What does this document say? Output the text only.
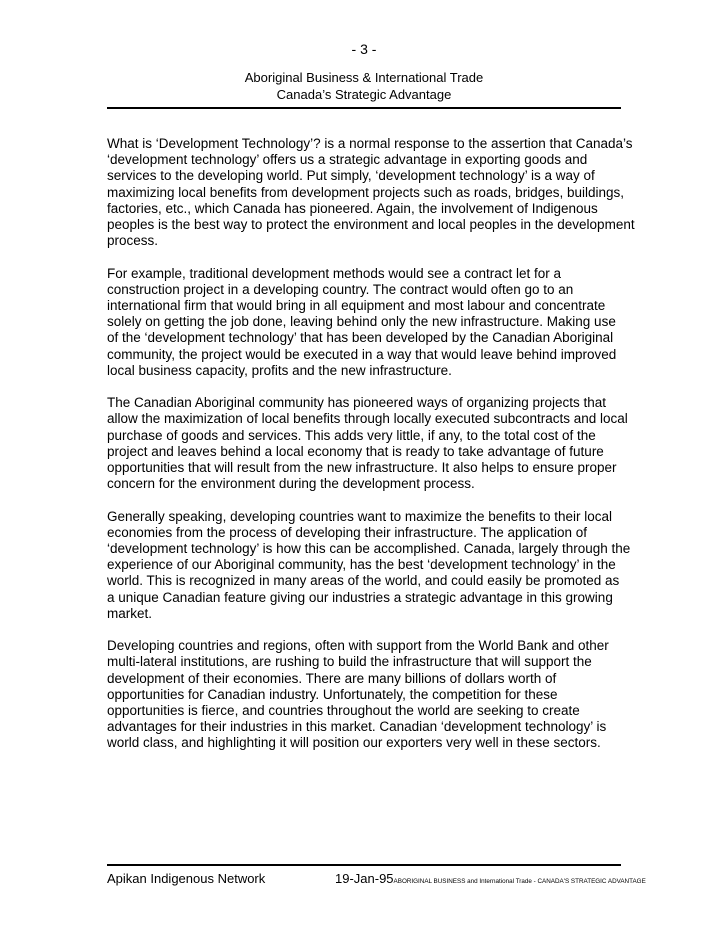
- 3 -
Aboriginal Business & International Trade
Canada’s Strategic Advantage

What is ‘Development Technology’? is a normal response to the assertion that Canada’s
‘development technology’ offers us a strategic advantage in exporting goods and
services to the developing world. Put simply, ‘development technology’ is a way of
maximizing local benefits from development projects such as roads, bridges, buildings,
factories, etc., which Canada has pioneered. Again, the involvement of Indigenous
peoples is the best way to protect the environment and local peoples in the development
process.

For example, traditional development methods would see a contract let for a
construction project in a developing country. The contract would often go to an
international firm that would bring in all equipment and most labour and concentrate
solely on getting the job done, leaving behind only the new infrastructure. Making use
of the ‘development technology’ that has been developed by the Canadian Aboriginal
community, the project would be executed in a way that would leave behind improved
local business capacity, profits and the new infrastructure.

The Canadian Aboriginal community has pioneered ways of organizing projects that
allow the maximization of local benefits through locally executed subcontracts and local
purchase of goods and services. This adds very little, if any, to the total cost of the
project and leaves behind a local economy that is ready to take advantage of future
opportunities that will result from the new infrastructure. It also helps to ensure proper
concern for the environment during the development process.

Generally speaking, developing countries want to maximize the benefits to their local
economies from the process of developing their infrastructure. The application of
‘development technology’ is how this can be accomplished. Canada, largely through the
experience of our Aboriginal community, has the best ‘development technology’ in the
world. This is recognized in many areas of the world, and could easily be promoted as
a unique Canadian feature giving our industries a strategic advantage in this growing
market.

Developing countries and regions, often with support from the World Bank and other
multi-lateral institutions, are rushing to build the infrastructure that will support the
development of their economies. There are many billions of dollars worth of
opportunities for Canadian industry. Unfortunately, the competition for these
opportunities is fierce, and countries throughout the world are seeking to create
advantages for their industries in this market. Canadian ‘development technology’ is
world class, and highlighting it will position our exporters very well in these sectors.

Apikan Indigenous Network	19-Jan-95ABORIGINAL BUSINESS and International Trade - CANADA'S STRATEGIC ADVANTAGE
